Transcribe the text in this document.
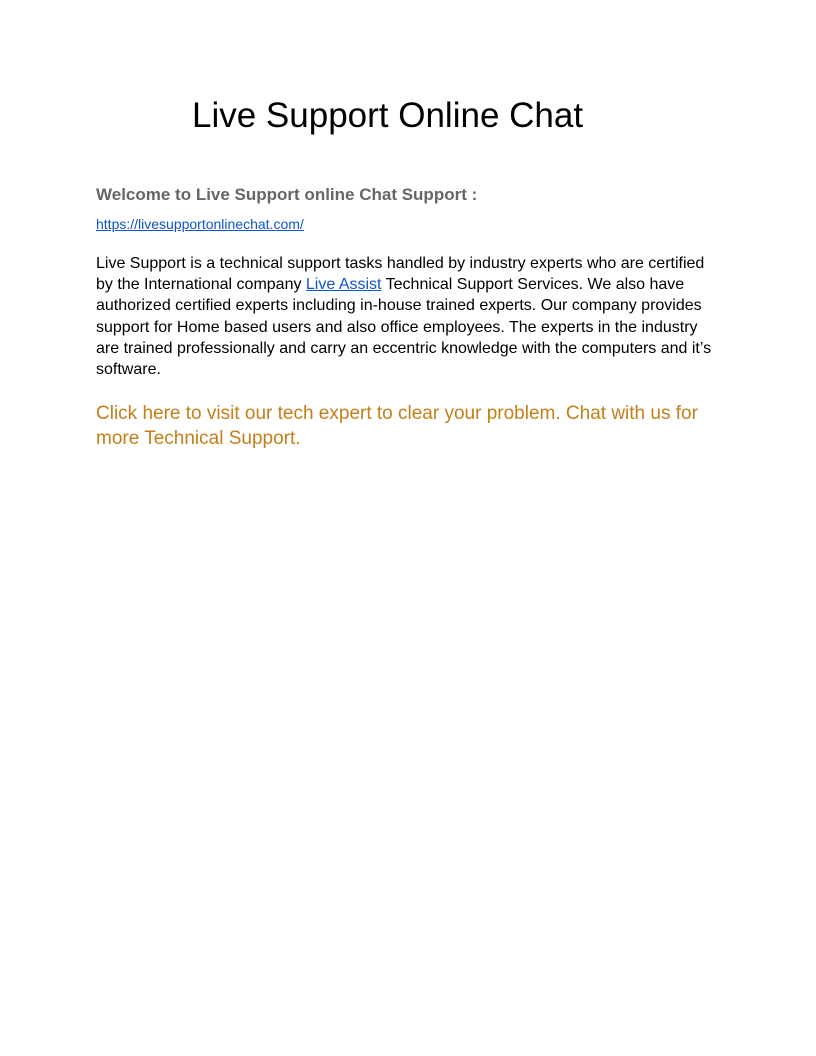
Live Support Online Chat
Welcome to Live Support online Chat Support :
https://livesupportonlinechat.com/

Live Support is a technical support tasks handled by industry experts who are certified by the International company Live Assist Technical Support Services. We also have authorized certified experts including in-house trained experts. Our company provides support for Home based users and also office employees. The experts in the industry are trained professionally and carry an eccentric knowledge with the computers and it’s software.

Click here to visit our tech expert to clear your problem. Chat with us for more Technical Support.
